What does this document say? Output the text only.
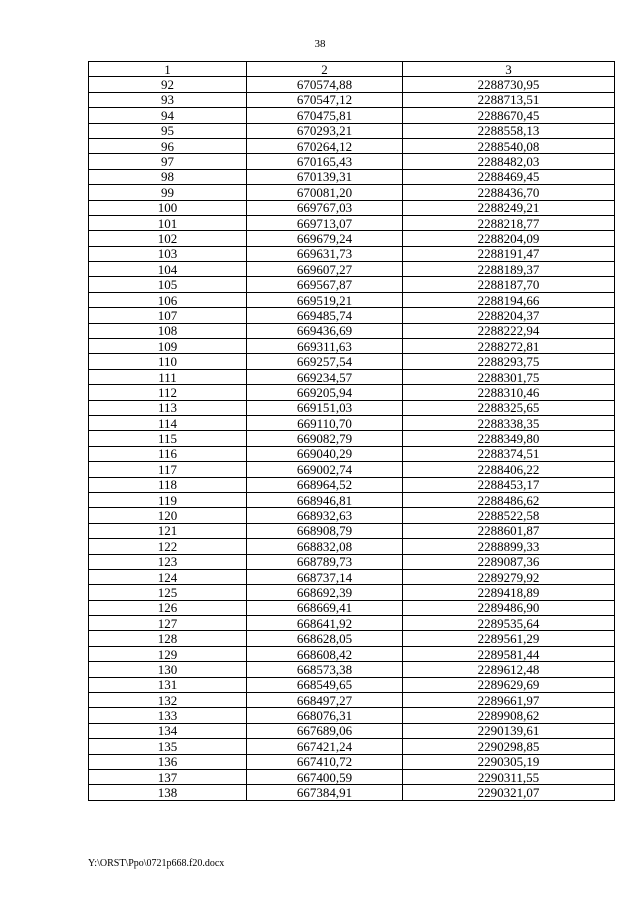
38
1	2	3
92	670574,88	2288730,95
93	670547,12	2288713,51
94	670475,81	2288670,45
95	670293,21	2288558,13
96	670264,12	2288540,08
97	670165,43	2288482,03
98	670139,31	2288469,45
99	670081,20	2288436,70
100	669767,03	2288249,21
101	669713,07	2288218,77
102	669679,24	2288204,09
103	669631,73	2288191,47
104	669607,27	2288189,37
105	669567,87	2288187,70
106	669519,21	2288194,66
107	669485,74	2288204,37
108	669436,69	2288222,94
109	669311,63	2288272,81
110	669257,54	2288293,75
111	669234,57	2288301,75
112	669205,94	2288310,46
113	669151,03	2288325,65
114	669110,70	2288338,35
115	669082,79	2288349,80
116	669040,29	2288374,51
117	669002,74	2288406,22
118	668964,52	2288453,17
119	668946,81	2288486,62
120	668932,63	2288522,58
121	668908,79	2288601,87
122	668832,08	2288899,33
123	668789,73	2289087,36
124	668737,14	2289279,92
125	668692,39	2289418,89
126	668669,41	2289486,90
127	668641,92	2289535,64
128	668628,05	2289561,29
129	668608,42	2289581,44
130	668573,38	2289612,48
131	668549,65	2289629,69
132	668497,27	2289661,97
133	668076,31	2289908,62
134	667689,06	2290139,61
135	667421,24	2290298,85
136	667410,72	2290305,19
137	667400,59	2290311,55
138	667384,91	2290321,07
Y:\ORST\Ppo\0721p668.f20.docx
